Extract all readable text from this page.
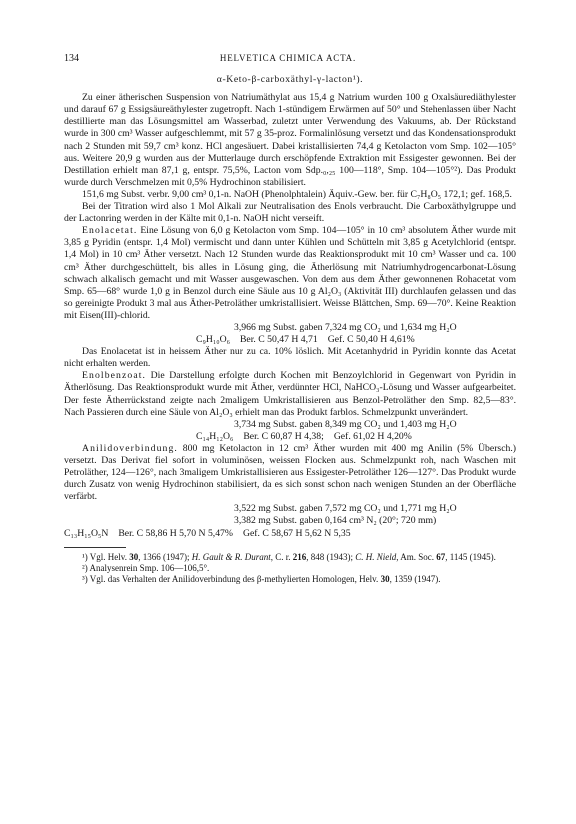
134	HELVETICA CHIMICA ACTA.
α-Keto-β-carboxäthyl-γ-lacton¹).

Zu einer ätherischen Suspension von Natriumäthylat aus 15,4 g Natrium wurden 100 g Oxalsäurediäthylester und darauf 67 g Essigsäureäthylester zugetropft. Nach 1-stündigem Erwärmen auf 50° und Stehenlassen über Nacht destillierte man das Lösungsmittel am Wasserbad, zuletzt unter Verwendung des Vakuums, ab. Der Rückstand wurde in 300 cm³ Wasser aufgeschlemmt, mit 57 g 35-proz. Formalinlösung versetzt und das Kondensationsprodukt nach 2 Stunden mit 59,7 cm³ konz. HCl angesäuert. Dabei kristallisierten 74,4 g Ketolacton vom Smp. 102—105° aus. Weitere 20,9 g wurden aus der Mutterlauge durch erschöpfende Extraktion mit Essigester gewonnen. Bei der Destillation erhielt man 87,1 g, entspr. 75,5%, Lacton vom Sdp.₀,₂₅ 100—118°, Smp. 104—105°²). Das Produkt wurde durch Verschmelzen mit 0,5% Hydrochinon stabilisiert.

151,6 mg Subst. verbr. 9,00 cm³ 0,1-n. NaOH (Phenolphtalein) Äquiv.-Gew. ber. für C₇H₈O₅ 172,1; gef. 168,5.

Bei der Titration wird also 1 Mol Alkali zur Neutralisation des Enols verbraucht. Die Carboxäthylgruppe und der Lactonring werden in der Kälte mit 0,1-n. NaOH nicht verseift.

Enolacetat. Eine Lösung von 6,0 g Ketolacton vom Smp. 104—105° in 10 cm³ absolutem Äther wurde mit 3,85 g Pyridin (entspr. 1,4 Mol) vermischt und dann unter Kühlen und Schütteln mit 3,85 g Acetylchlorid (entspr. 1,4 Mol) in 10 cm³ Äther versetzt. Nach 12 Stunden wurde das Reaktionsprodukt mit 10 cm³ Wasser und ca. 100 cm³ Äther durchgeschüttelt, bis alles in Lösung ging, die Ätherlösung mit Natriumhydrogencarbonat-Lösung schwach alkalisch gemacht und mit Wasser ausgewaschen. Von dem aus dem Äther gewonnenen Rohacetat vom Smp. 65—68° wurde 1,0 g in Benzol durch eine Säule aus 10 g Al₂O₃ (Aktivität III) durchlaufen gelassen und das so gereinigte Produkt 3 mal aus Äther-Petroläther umkristallisiert. Weisse Blättchen, Smp. 69—70°. Keine Reaktion mit Eisen(III)-chlorid.

3,966 mg Subst. gaben 7,324 mg CO₂ und 1,634 mg H₂O
C₉H₁₀O₆ Ber. C 50,47 H 4,71 Gef. C 50,40 H 4,61%

Das Enolacetat ist in heissem Äther nur zu ca. 10% löslich. Mit Acetanhydrid in Pyridin konnte das Acetat nicht erhalten werden.

Enolbenzoat. Die Darstellung erfolgte durch Kochen mit Benzoylchlorid in Gegenwart von Pyridin in Ätherlösung. Das Reaktionsprodukt wurde mit Äther, verdünnter HCl, NaHCO₃-Lösung und Wasser aufgearbeitet. Der feste Ätherrückstand zeigte nach 2maligem Umkristallisieren aus Benzol-Petroläther den Smp. 82,5—83°. Nach Passieren durch eine Säule von Al₂O₃ erhielt man das Produkt farblos. Schmelzpunkt unverändert.

3,734 mg Subst. gaben 8,349 mg CO₂ und 1,403 mg H₂O
C₁₄H₁₂O₆ Ber. C 60,87 H 4,38; Gef. 61,02 H 4,20%

Anilidoverbindung. 800 mg Ketolacton in 12 cm³ Äther wurden mit 400 mg Anilin (5% Übersch.) versetzt. Das Derivat fiel sofort in voluminösen, weissen Flocken aus. Schmelzpunkt roh, nach Waschen mit Petroläther, 124—126°, nach 3maligem Umkristallisieren aus Essigester-Petroläther 126—127°. Das Produkt wurde durch Zusatz von wenig Hydrochinon stabilisiert, da es sich sonst schon nach wenigen Stunden an der Oberfläche verfärbt.

3,522 mg Subst. gaben 7,572 mg CO₂ und 1,771 mg H₂O
3,382 mg Subst. gaben 0,164 cm³ N₂ (20°; 720 mm)
C₁₃H₁₅O₅N Ber. C 58,86 H 5,70 N 5,47% Gef. C 58,67 H 5,62 N 5,35

¹) Vgl. Helv. 30, 1366 (1947); H. Gault & R. Durant, C. r. 216, 848 (1943); C. H. Nield, Am. Soc. 67, 1145 (1945).

²) Analysenrein Smp. 106—106,5°.

³) Vgl. das Verhalten der Anilidoverbindung des β-methylierten Homologen, Helv. 30, 1359 (1947).
